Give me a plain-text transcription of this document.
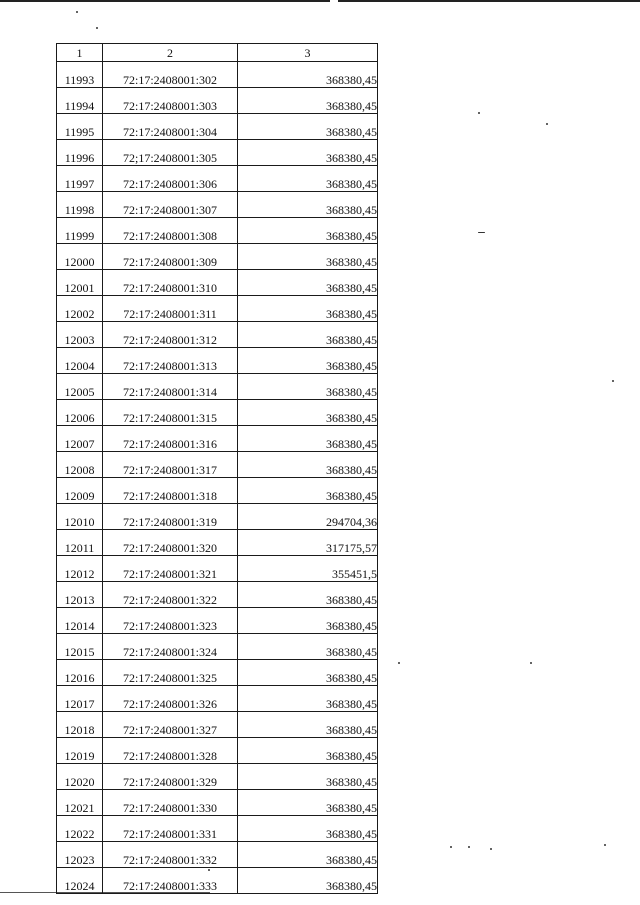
1	2	3
11993	72:17:2408001:302	368380,45
11994	72:17:2408001:303	368380,45
11995	72:17:2408001:304	368380,45
11996	72;17:2408001:305	368380,45
11997	72:17:2408001:306	368380,45
11998	72:17:2408001:307	368380,45
11999	72:17:2408001:308	368380,45
12000	72:17:2408001:309	368380,45
12001	72:17:2408001:310	368380,45
12002	72:17:2408001:311	368380,45
12003	72:17:2408001:312	368380,45
12004	72:17:2408001:313	368380,45
12005	72:17:2408001:314	368380,45
12006	72:17:2408001:315	368380,45
12007	72:17:2408001:316	368380,45
12008	72:17:2408001:317	368380,45
12009	72:17:2408001:318	368380,45
12010	72:17:2408001:319	294704,36
12011	72:17:2408001:320	317175,57
12012	72:17:2408001:321	355451,5
12013	72:17:2408001:322	368380,45
12014	72:17:2408001:323	368380,45
12015	72:17:2408001:324	368380,45
12016	72:17:2408001:325	368380,45
12017	72:17:2408001:326	368380,45
12018	72:17:2408001:327	368380,45
12019	72:17:2408001:328	368380,45
12020	72:17:2408001:329	368380,45
12021	72:17:2408001:330	368380,45
12022	72:17:2408001:331	368380,45
12023	72:17:2408001:332	368380,45
12024	72:17:2408001:333	368380,45
